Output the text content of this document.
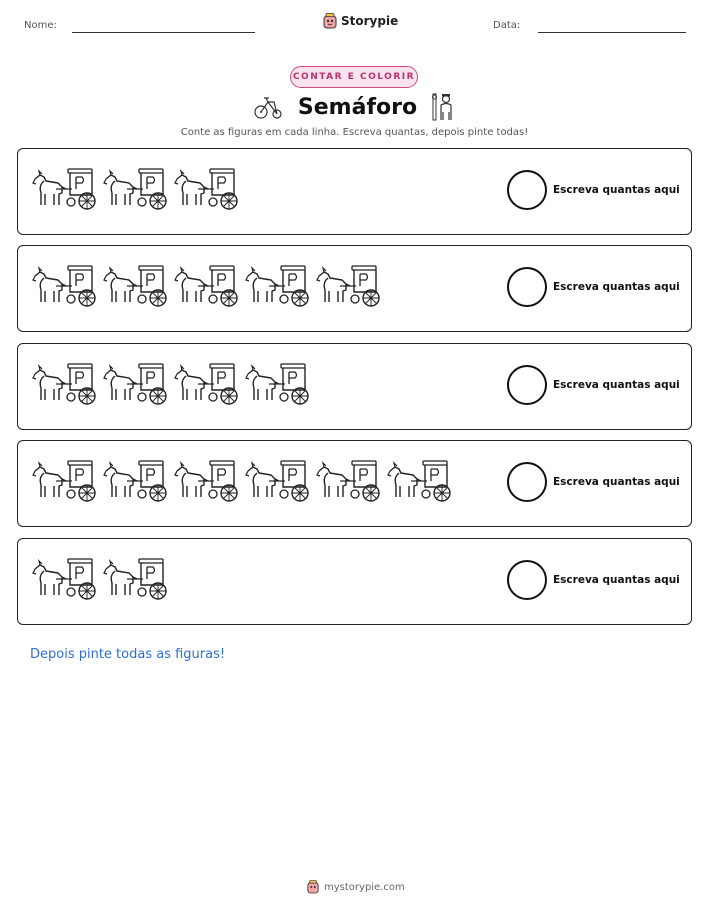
Nome:	Storypie	Data:
CONTAR E COLORIR
Semáforo
Conte as figuras em cada linha. Escreva quantas, depois pinte todas!
Escreva quantas aqui
Escreva quantas aqui
Escreva quantas aqui
Escreva quantas aqui
Escreva quantas aqui
Depois pinte todas as figuras!
mystorypie.com
